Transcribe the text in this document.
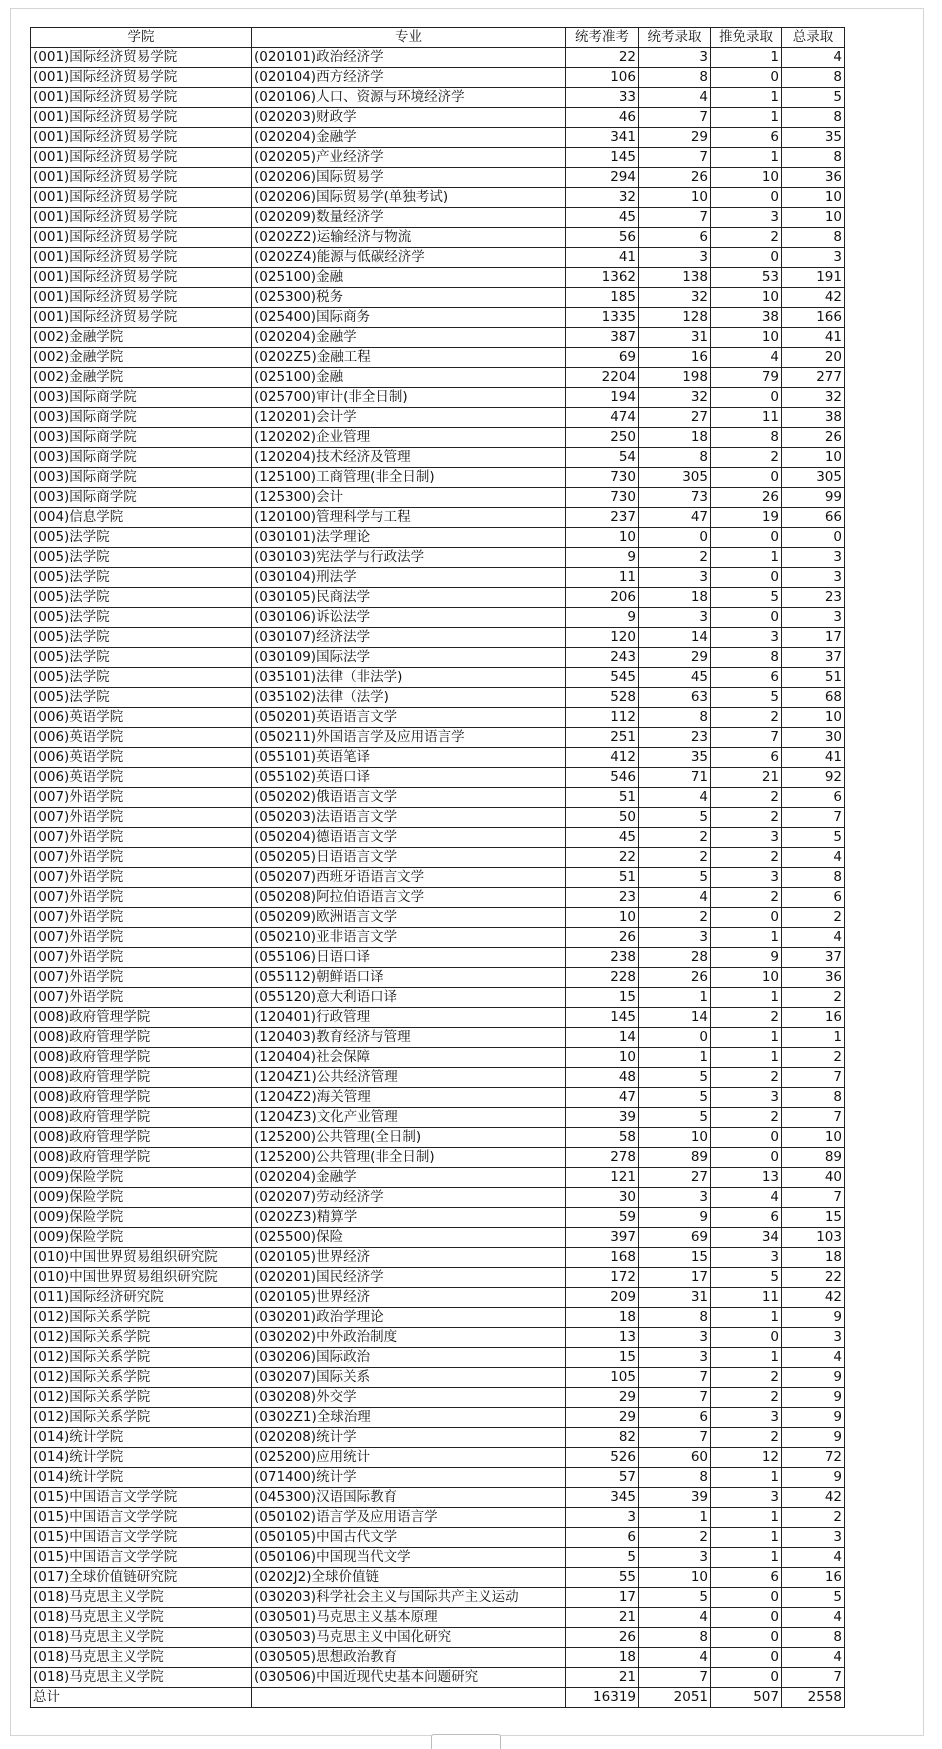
学院	专业	统考准考	统考录取	推免录取	总录取
(001)国际经济贸易学院	(020101)政治经济学	22	3	1	4
(001)国际经济贸易学院	(020104)西方经济学	106	8	0	8
(001)国际经济贸易学院	(020106)人口、资源与环境经济学	33	4	1	5
(001)国际经济贸易学院	(020203)财政学	46	7	1	8
(001)国际经济贸易学院	(020204)金融学	341	29	6	35
(001)国际经济贸易学院	(020205)产业经济学	145	7	1	8
(001)国际经济贸易学院	(020206)国际贸易学	294	26	10	36
(001)国际经济贸易学院	(020206)国际贸易学(单独考试)	32	10	0	10
(001)国际经济贸易学院	(020209)数量经济学	45	7	3	10
(001)国际经济贸易学院	(0202Z2)运输经济与物流	56	6	2	8
(001)国际经济贸易学院	(0202Z4)能源与低碳经济学	41	3	0	3
(001)国际经济贸易学院	(025100)金融	1362	138	53	191
(001)国际经济贸易学院	(025300)税务	185	32	10	42
(001)国际经济贸易学院	(025400)国际商务	1335	128	38	166
(002)金融学院	(020204)金融学	387	31	10	41
(002)金融学院	(0202Z5)金融工程	69	16	4	20
(002)金融学院	(025100)金融	2204	198	79	277
(003)国际商学院	(025700)审计(非全日制)	194	32	0	32
(003)国际商学院	(120201)会计学	474	27	11	38
(003)国际商学院	(120202)企业管理	250	18	8	26
(003)国际商学院	(120204)技术经济及管理	54	8	2	10
(003)国际商学院	(125100)工商管理(非全日制)	730	305	0	305
(003)国际商学院	(125300)会计	730	73	26	99
(004)信息学院	(120100)管理科学与工程	237	47	19	66
(005)法学院	(030101)法学理论	10	0	0	0
(005)法学院	(030103)宪法学与行政法学	9	2	1	3
(005)法学院	(030104)刑法学	11	3	0	3
(005)法学院	(030105)民商法学	206	18	5	23
(005)法学院	(030106)诉讼法学	9	3	0	3
(005)法学院	(030107)经济法学	120	14	3	17
(005)法学院	(030109)国际法学	243	29	8	37
(005)法学院	(035101)法律（非法学)	545	45	6	51
(005)法学院	(035102)法律（法学)	528	63	5	68
(006)英语学院	(050201)英语语言文学	112	8	2	10
(006)英语学院	(050211)外国语言学及应用语言学	251	23	7	30
(006)英语学院	(055101)英语笔译	412	35	6	41
(006)英语学院	(055102)英语口译	546	71	21	92
(007)外语学院	(050202)俄语语言文学	51	4	2	6
(007)外语学院	(050203)法语语言文学	50	5	2	7
(007)外语学院	(050204)德语语言文学	45	2	3	5
(007)外语学院	(050205)日语语言文学	22	2	2	4
(007)外语学院	(050207)西班牙语语言文学	51	5	3	8
(007)外语学院	(050208)阿拉伯语语言文学	23	4	2	6
(007)外语学院	(050209)欧洲语言文学	10	2	0	2
(007)外语学院	(050210)亚非语言文学	26	3	1	4
(007)外语学院	(055106)日语口译	238	28	9	37
(007)外语学院	(055112)朝鲜语口译	228	26	10	36
(007)外语学院	(055120)意大利语口译	15	1	1	2
(008)政府管理学院	(120401)行政管理	145	14	2	16
(008)政府管理学院	(120403)教育经济与管理	14	0	1	1
(008)政府管理学院	(120404)社会保障	10	1	1	2
(008)政府管理学院	(1204Z1)公共经济管理	48	5	2	7
(008)政府管理学院	(1204Z2)海关管理	47	5	3	8
(008)政府管理学院	(1204Z3)文化产业管理	39	5	2	7
(008)政府管理学院	(125200)公共管理(全日制)	58	10	0	10
(008)政府管理学院	(125200)公共管理(非全日制)	278	89	0	89
(009)保险学院	(020204)金融学	121	27	13	40
(009)保险学院	(020207)劳动经济学	30	3	4	7
(009)保险学院	(0202Z3)精算学	59	9	6	15
(009)保险学院	(025500)保险	397	69	34	103
(010)中国世界贸易组织研究院	(020105)世界经济	168	15	3	18
(010)中国世界贸易组织研究院	(020201)国民经济学	172	17	5	22
(011)国际经济研究院	(020105)世界经济	209	31	11	42
(012)国际关系学院	(030201)政治学理论	18	8	1	9
(012)国际关系学院	(030202)中外政治制度	13	3	0	3
(012)国际关系学院	(030206)国际政治	15	3	1	4
(012)国际关系学院	(030207)国际关系	105	7	2	9
(012)国际关系学院	(030208)外交学	29	7	2	9
(012)国际关系学院	(0302Z1)全球治理	29	6	3	9
(014)统计学院	(020208)统计学	82	7	2	9
(014)统计学院	(025200)应用统计	526	60	12	72
(014)统计学院	(071400)统计学	57	8	1	9
(015)中国语言文学学院	(045300)汉语国际教育	345	39	3	42
(015)中国语言文学学院	(050102)语言学及应用语言学	3	1	1	2
(015)中国语言文学学院	(050105)中国古代文学	6	2	1	3
(015)中国语言文学学院	(050106)中国现当代文学	5	3	1	4
(017)全球价值链研究院	(0202J2)全球价值链	55	10	6	16
(018)马克思主义学院	(030203)科学社会主义与国际共产主义运动	17	5	0	5
(018)马克思主义学院	(030501)马克思主义基本原理	21	4	0	4
(018)马克思主义学院	(030503)马克思主义中国化研究	26	8	0	8
(018)马克思主义学院	(030505)思想政治教育	18	4	0	4
(018)马克思主义学院	(030506)中国近现代史基本问题研究	21	7	0	7
总计		16319	2051	507	2558
